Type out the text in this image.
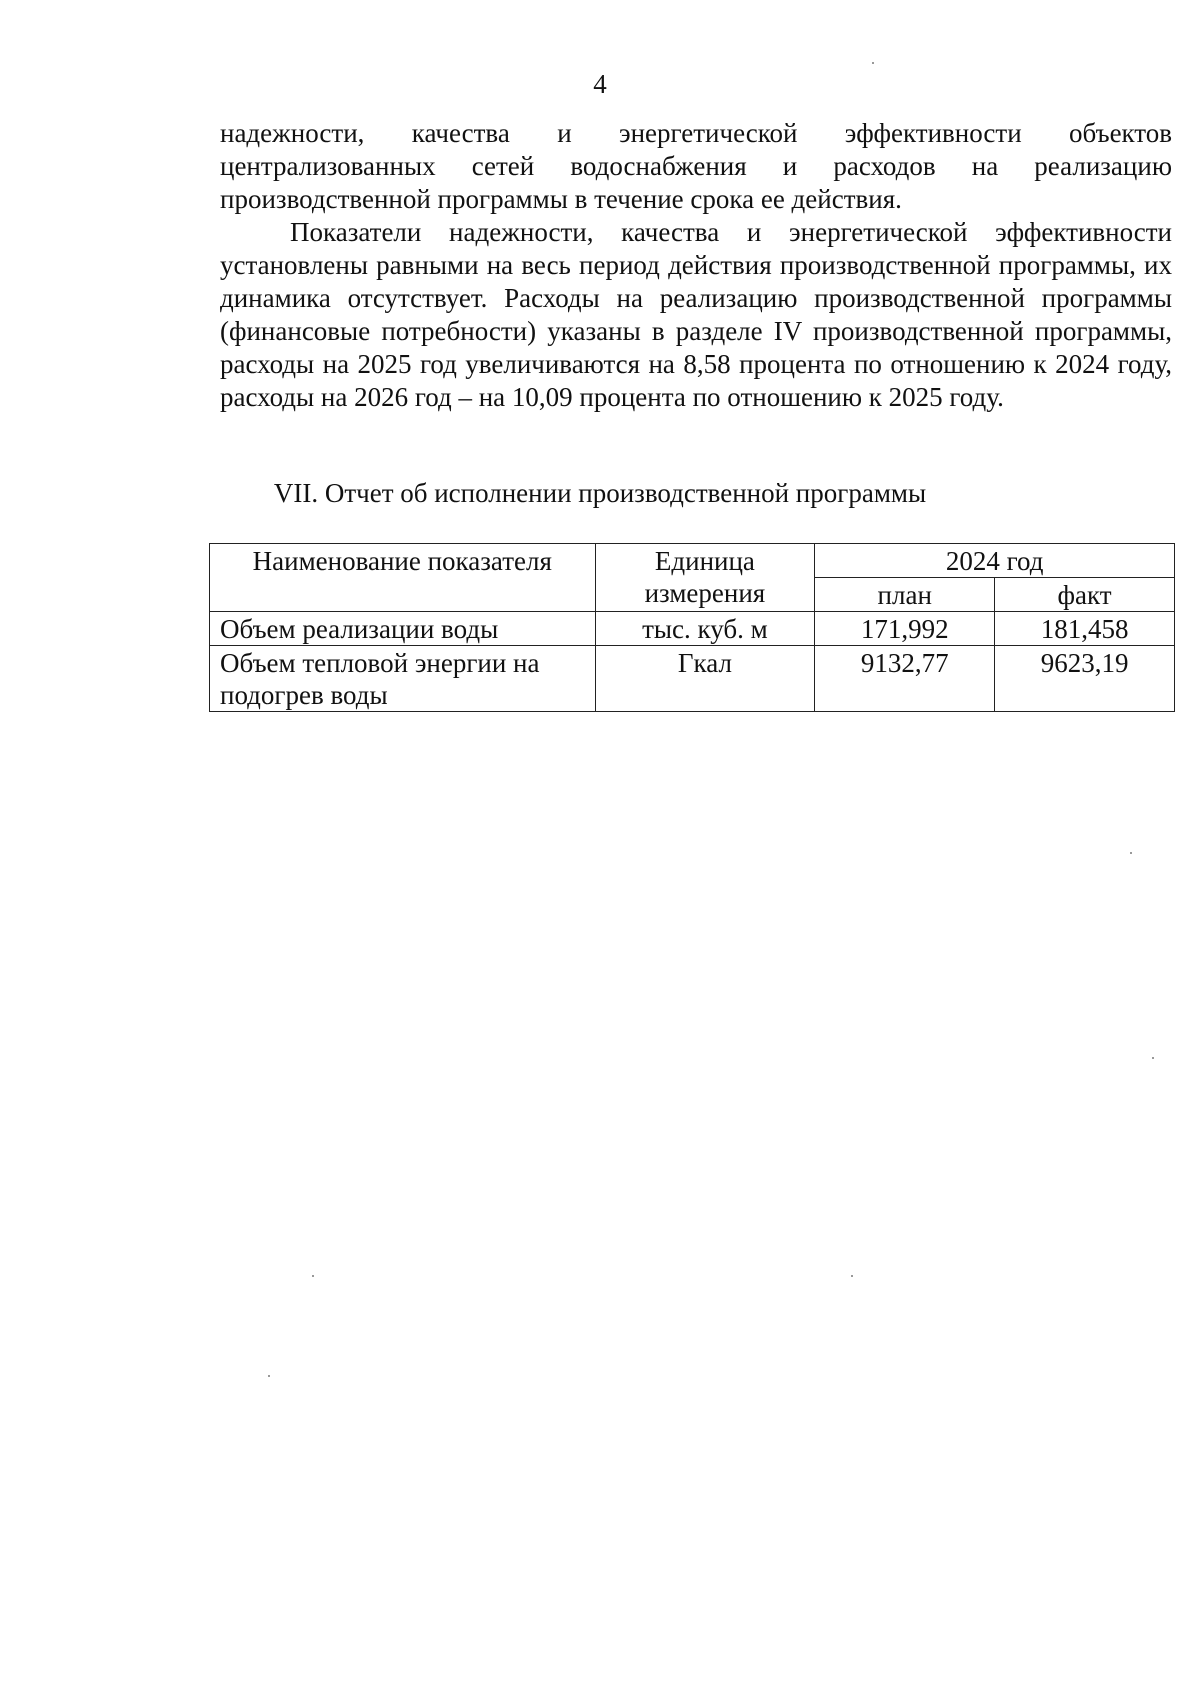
4

надежности, качества и энергетической эффективности объектов централизованных сетей водоснабжения и расходов на реализацию производственной программы в течение срока ее действия.

Показатели надежности, качества и энергетической эффективности установлены равными на весь период действия производственной программы, их динамика отсутствует. Расходы на реализацию производственной программы (финансовые потребности) указаны в разделе IV производственной программы, расходы на 2025 год увеличиваются на 8,58 процента по отношению к 2024 году, расходы на 2026 год – на 10,09 процента по отношению к 2025 году.

VII. Отчет об исполнении производственной программы
Наименование показателя	Единица измерения	2024 год	
		план	факт
Объем реализации воды	тыс. куб. м	171,992	181,458
Объем тепловой энергии на подогрев воды	Гкал	9132,77	9623,19
